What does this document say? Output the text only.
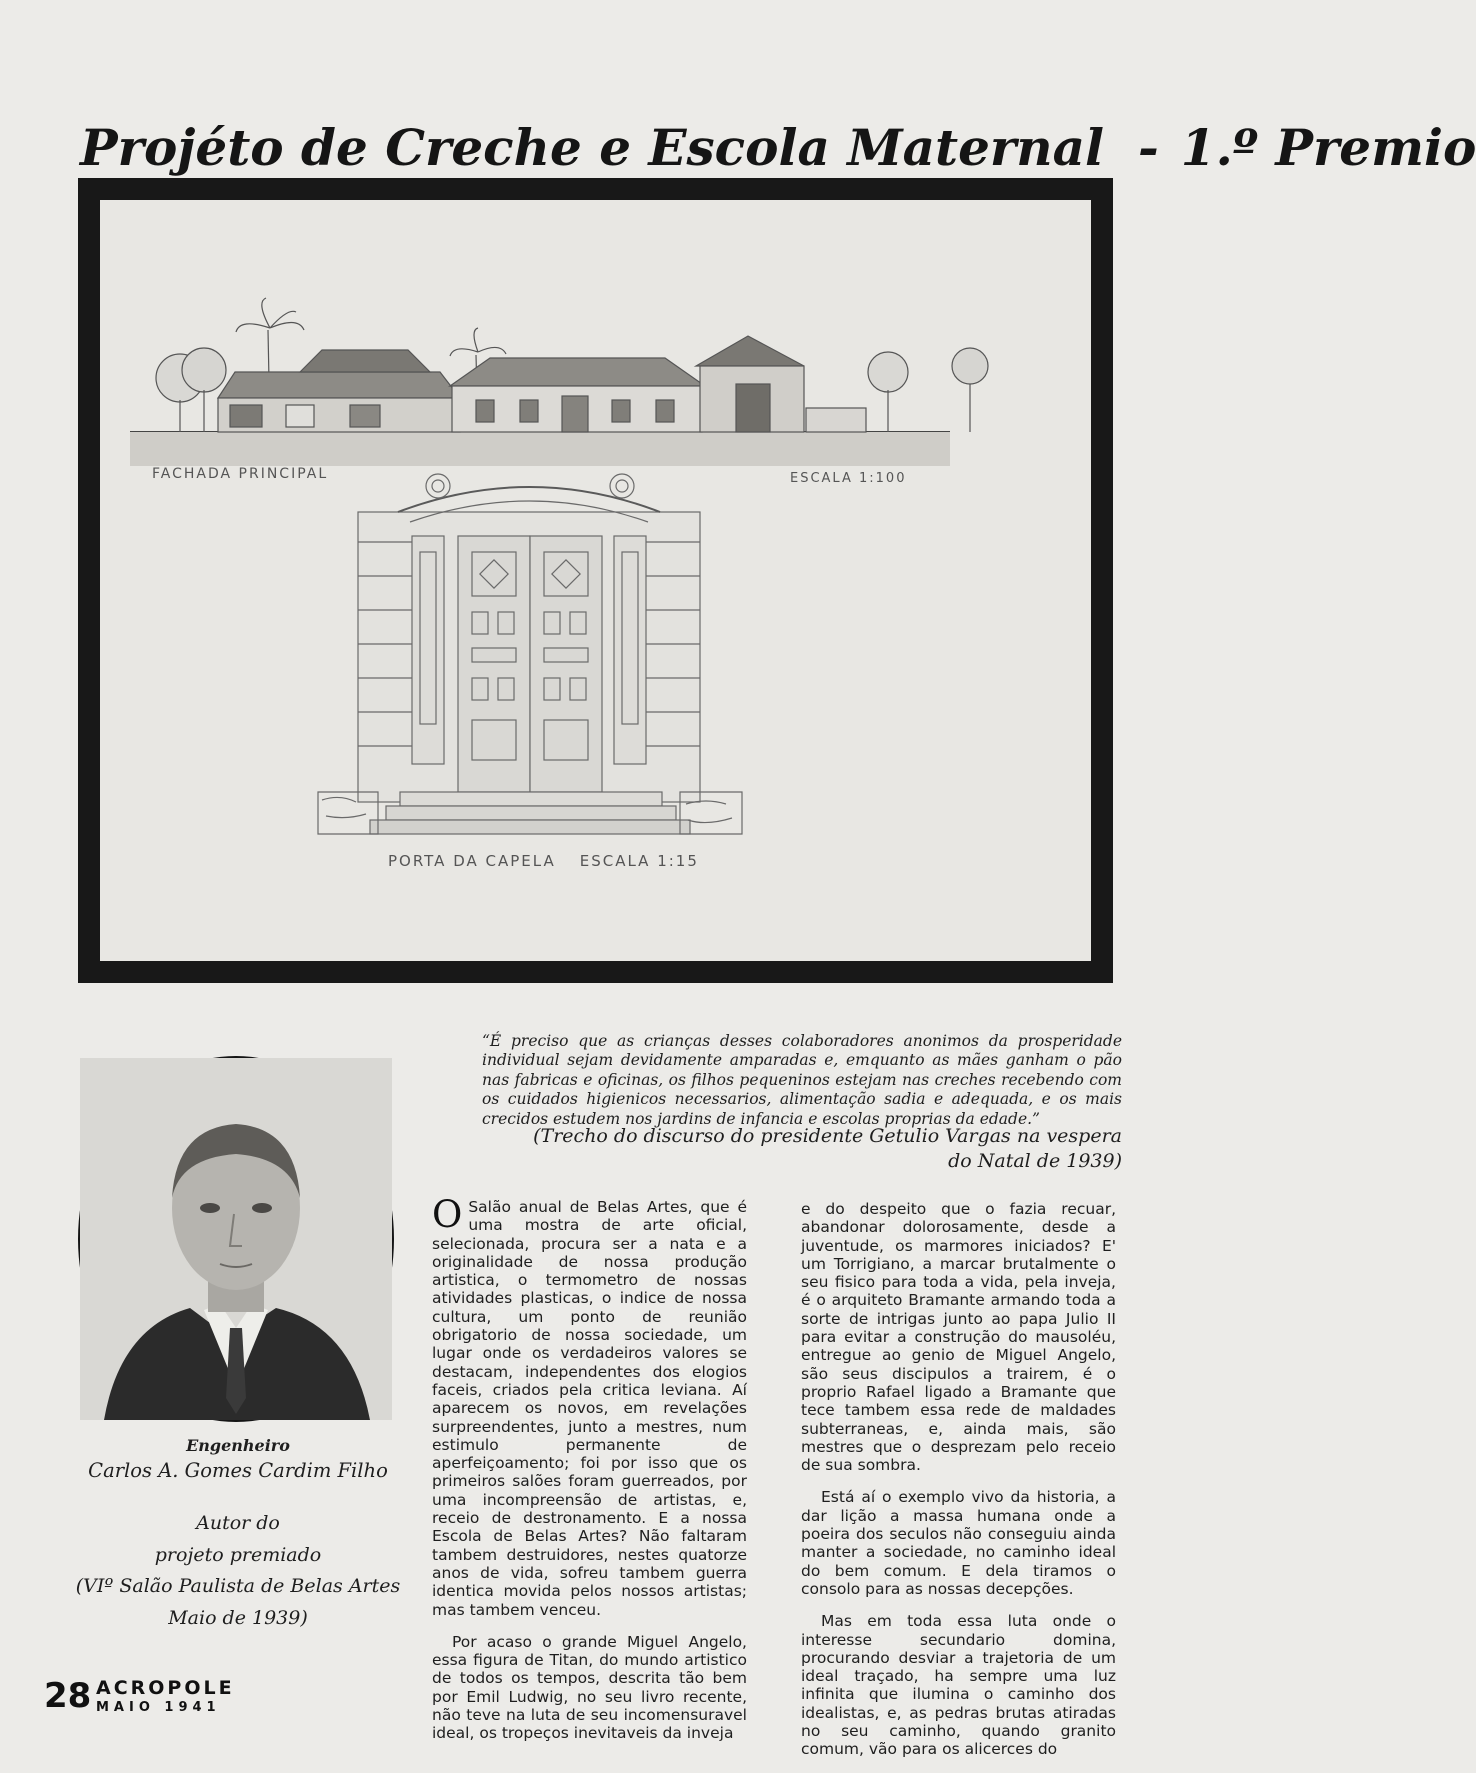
Projéto de Creche e Escola Maternal - 1.º Premio
FACHADA PRINCIPAL	ESCALA 1:100
PORTA DA CAPELA ESCALA 1:15

“É preciso que as crianças desses colaboradores anonimos da prosperidade individual sejam devidamente amparadas e, emquanto as mães ganham o pão nas fabricas e oficinas, os filhos pequeninos estejam nas creches recebendo com os cuidados higienicos necessarios, alimentação sadia e adequada, e os mais crecidos estudem nos jardins de infancia e escolas proprias da edade.”

(Trecho do discurso do presidente Getulio Vargas na vespera
do Natal de 1939)
Engenheiro
Carlos A. Gomes Cardim Filho
Autor do
projeto premiado
(VIº Salão Paulista de Belas Artes
Maio de 1939)

O Salão anual de Belas Artes, que é uma mostra de arte oficial, selecionada, procura ser a nata e a originalidade de nossa produção artistica, o termometro de nossas atividades plasticas, o indice de nossa cultura, um ponto de reunião obrigatorio de nossa sociedade, um lugar onde os verdadeiros valores se destacam, independentes dos elogios faceis, criados pela critica leviana. Aí aparecem os novos, em revelações surpreendentes, junto a mestres, num estimulo permanente de aperfeiçoamento; foi por isso que os primeiros salões foram guerreados, por uma incompreensão de artistas, e, receio de destronamento. E a nossa Escola de Belas Artes? Não faltaram tambem destruidores, nestes quatorze anos de vida, sofreu tambem guerra identica movida pelos nossos artistas; mas tambem venceu.

Por acaso o grande Miguel Angelo, essa figura de Titan, do mundo artistico de todos os tempos, descrita tão bem por Emil Ludwig, no seu livro recente, não teve na luta de seu incomensuravel ideal, os tropeços inevitaveis da inveja

e do despeito que o fazia recuar, abandonar dolorosamente, desde a juventude, os marmores iniciados? E' um Torrigiano, a marcar brutalmente o seu fisico para toda a vida, pela inveja, é o arquiteto Bramante armando toda a sorte de intrigas junto ao papa Julio II para evitar a construção do mausoléu, entregue ao genio de Miguel Angelo, são seus discipulos a trairem, é o proprio Rafael ligado a Bramante que tece tambem essa rede de maldades subterraneas, e, ainda mais, são mestres que o desprezam pelo receio de sua sombra.

Está aí o exemplo vivo da historia, a dar lição a massa humana onde a poeira dos seculos não conseguiu ainda manter a sociedade, no caminho ideal do bem comum. E dela tiramos o consolo para as nossas decepções.

Mas em toda essa luta onde o interesse secundario domina, procurando desviar a trajetoria de um ideal traçado, ha sempre uma luz infinita que ilumina o caminho dos idealistas, e, as pedras brutas atiradas no seu caminho, quando granito comum, vão para os alicerces do

28 ACROPOLE
MAIO 1941
